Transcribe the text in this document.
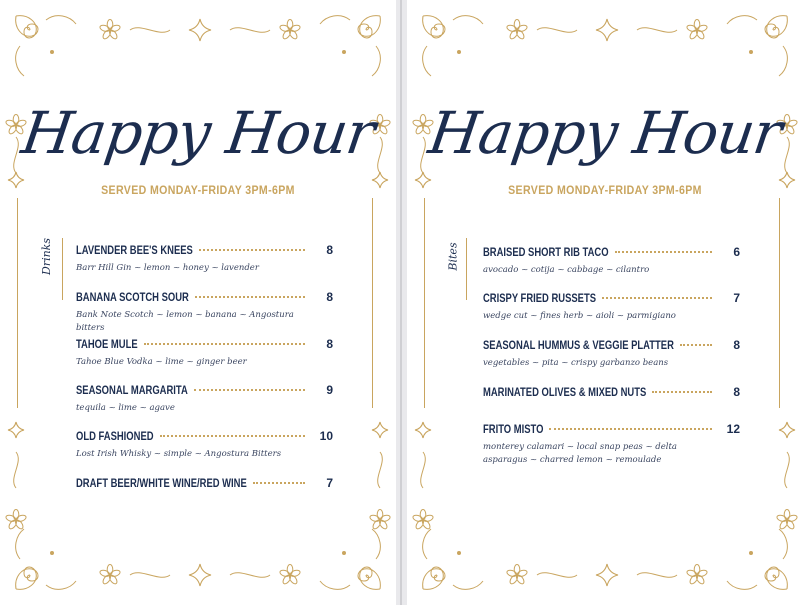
Happy Hour
SERVED MONDAY-FRIDAY 3PM-6PM
Drinks LAVENDER BEE'S KNEES	8
Barr Hill Gin ~ lemon ~ honey ~ lavender
BANANA SCOTCH SOUR	8
Bank Note Scotch ~ lemon ~ banana ~ Angostura bitters
TAHOE MULE	8
Tahoe Blue Vodka ~ lime ~ ginger beer
SEASONAL MARGARITA	9
tequila ~ lime ~ agave
OLD FASHIONED	10
Lost Irish Whisky ~ simple ~ Angostura Bitters
DRAFT BEER/WHITE WINE/RED WINE	7
Happy Hour
SERVED MONDAY-FRIDAY 3PM-6PM
Bites BRAISED SHORT RIB TACO	6
avocado ~ cotija ~ cabbage ~ cilantro
CRISPY FRIED RUSSETS	7
wedge cut ~ fines herb ~ aioli ~ parmigiano
SEASONAL HUMMUS & VEGGIE PLATTER	8
vegetables ~ pita ~ crispy garbanzo beans
MARINATED OLIVES & MIXED NUTS	8
FRITO MISTO	12
monterey calamari ~ local snap peas ~ delta asparagus ~ charred lemon ~ remoulade
